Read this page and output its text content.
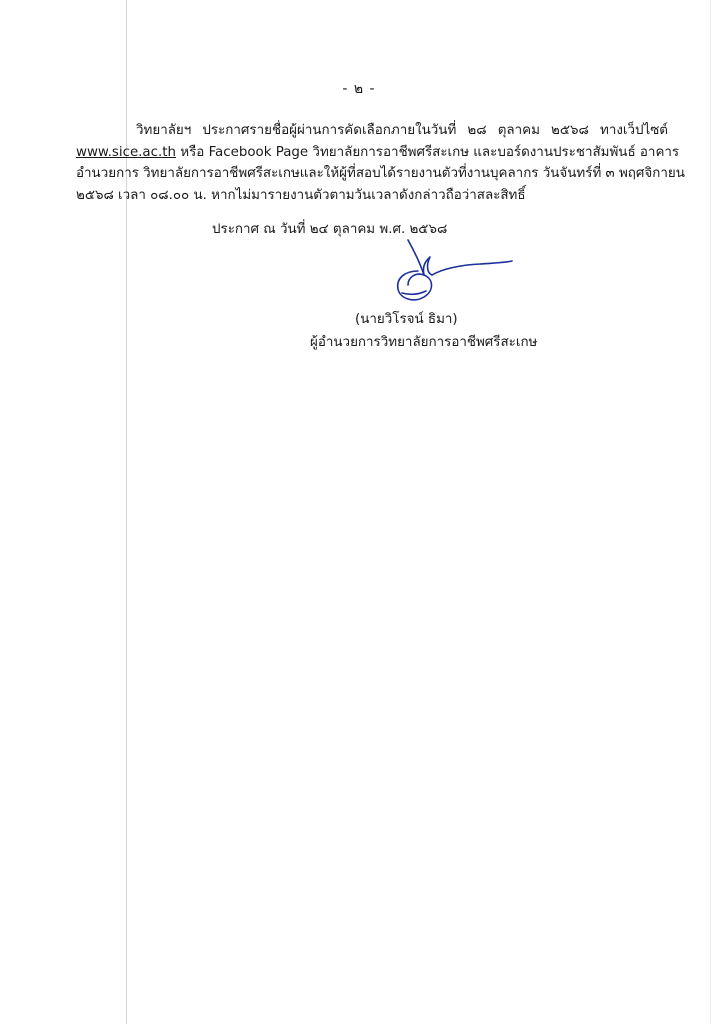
- ๒ -
วิทยาลัยฯ ประกาศรายชื่อผู้ผ่านการคัดเลือกภายในวันที่ ๒๘ ตุลาคม ๒๕๖๘ ทางเว็ปไซต์
www.sice.ac.th หรือ Facebook Page วิทยาลัยการอาชีพศรีสะเกษ และบอร์ดงานประชาสัมพันธ์ อาคาร
อำนวยการ วิทยาลัยการอาชีพศรีสะเกษและให้ผู้ที่สอบได้รายงานตัวที่งานบุคลากร วันจันทร์ที่ ๓ พฤศจิกายน
๒๕๖๘ เวลา ๐๘.๐๐ น. หากไม่มารายงานตัวตามวันเวลาดังกล่าวถือว่าสละสิทธิ์
ประกาศ ณ วันที่ ๒๔ ตุลาคม พ.ศ. ๒๕๖๘
(นายวิโรจน์ ธิมา)
ผู้อำนวยการวิทยาลัยการอาชีพศรีสะเกษ
